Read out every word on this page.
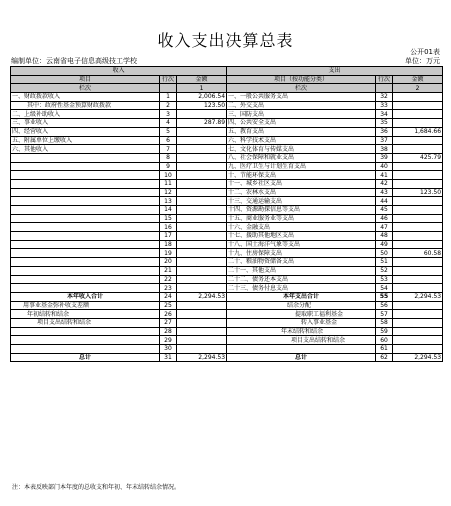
收入支出决算总表
公开01表
编制单位：云南省电子信息高级技工学校	单位：万元
收入			支出		
项目	行次	金额	项目（按功能分类）	行次	金额
栏次		1	栏次		2
一、财政拨款收入	1	2,006.54	一、一般公共服务支出	32	
其中：政府性基金预算财政拨款	2	123.50	二、外交支出	33	
二、上级补助收入	3		三、国防支出	34	
三、事业收入	4	287.89	四、公共安全支出	35	
四、经营收入	5		五、教育支出	36	1,684.66
五、附属单位上缴收入	6		六、科学技术支出	37	
六、其他收入	7		七、文化体育与传媒支出	38	
	8		八、社会保障和就业支出	39	425.79
	9		九、医疗卫生与计划生育支出	40	
	10		十、节能环保支出	41	
	11		十一、城乡社区支出	42	
	12		十二、农林水支出	43	123.50
	13		十三、交通运输支出	44	
	14		十四、资源勘探信息等支出	45	
	15		十五、商业服务业等支出	46	
	16		十六、金融支出	47	
	17		十七、援助其他地区支出	48	
	18		十八、国土海洋气象等支出	49	
	19		十九、住房保障支出	50	60.58
	20		二十、粮油物资储备支出	51	
	21		二十一、其他支出	52	
	22		二十二、债务还本支出	53	
	23		二十三、债务付息支出	54	
本年收入合计	24	2,294.53	本年支出合计	55	2,294.53
用事业基金弥补收支差额	25		结余分配	56	
年初结转和结余	26		提取职工福利基金	57	
项目支出结转和结余	27		转入事业基金	58	
	28		年末结转和结余	59	
	29		项目支出结转和结余	60	
	30			61	
总计	31	2,294.53	总计	62	2,294.53
注：本表反映部门本年度的总收支和年初、年末结转结余情况。
